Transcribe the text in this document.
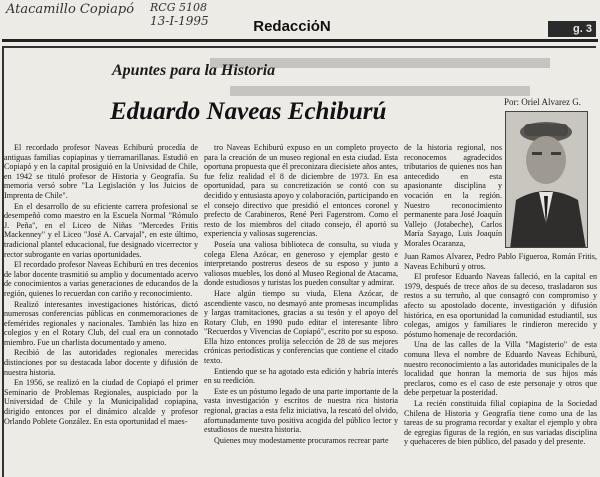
Atacamillo Copiapó RCG 5108
13-I-1995	RedacciόN	g. 3
Apuntes para la Historia
Eduardo Naveas Echiburú	Por: Oriel Alvarez G.

El recordado profesor Naveas Echiburú procedía de antiguas familias copiapinas y tierramarillanas. Estudió en Copiapó y en la capital prosiguió en la Univsidad de Chile, en 1942 se tituló profesor de Historia y Geografía. Su memoria versó sobre "La Legislación y los Juicios de Imprenta de Chile".

En el desarrollo de su eficiente carrera profesional se desempeñó como maestro en la Escuela Normal "Rómulo J. Peña", en el Liceo de Niñas "Mercedes Fritis Mackenney" y el Liceo "José A. Carvajal", en este último, tradicional plantel educacional, fue designado vicerrector y rector subrogante en varias oportunidades.

El recordado profesor Naveas Echiburú en tres decenios de labor docente trasmitió su amplio y documentado acervo de conocimientos a varias generaciones de educandos de la región, quienes lo recuerdan con cariño y reconocimiento.

Realizó interesantes investigaciones históricas, dictó numerosas conferencias públicas en conmemoraciones de efemérides regionales y nacionales. También las hizo en colegios y en el Rotary Club, del cual era un connotado miembro. Fue un charlista documentado y ameno.

Recibió de las autoridades regionales merecidas distinciones por su destacada labor docente y difusión de nuestra historia.

En 1956, se realizó en la ciudad de Copiapó el primer Seminario de Problemas Regionales, auspiciado por la Universidad de Chile y la Municipalidad copiapina, dirigido entonces por el dinámico alcalde y profesor Orlando Poblete González. En esta oportunidad el maes-

tro Naveas Echiburú expuso en un completo proyecto para la creación de un museo regional en esta ciudad. Esta oportuna propuesta que él preconizara diecisiete años antes, fue feliz realidad el 8 de diciembre de 1973. En esa oportunidad, para su concretización se contó con su decidido y entusiasta apoyo y colaboración, participando en el consejo directivo que presidió el entonces coronel y prefecto de Carabineros, René Peri Fagerstrom. Como el resto de los miembros del citado consejo, él aportó su experiencia y valiosas sugerencias.

Poseía una valiosa biblioteca de consulta, su viuda y colega Elena Azócar, en generoso y ejemplar gesto e interpretando postreros deseos de su esposo y junto a valiosos muebles, los donó al Museo Regional de Atacama, donde estudiosos y turistas los pueden consultar y admirar.

Hace algún tiempo su viuda, Elena Azócar, de ascendiente vasco, no desmayó ante promesas incumplidas y largas tramitaciones, gracias a su tesón y el apoyo del Rotary Club, en 1990 pudo editar el interesante libro "Recuerdos y Vivencias de Copiapó", escrito por su esposo. Ella hizo entonces prolija selección de 28 de sus mejores crónicas periodísticas y conferencias que contiene el citado texto.

Entiendo que se ha agotado esta edición y habría interés en su reedición.

Este es un póstumo legado de una parte importante de la vasta investigación y escritos de nuestra rica historia regional, gracias a esta feliz iniciativa, la rescató del olvido, afortunadamente tuvo positiva acogida del público lector y estudiosos de nuestra historia.

Quienes muy modestamente procuramos recrear parte

de la historia regional, nos reconocemos agradecidos tributarios de quienes nos han antecedido en esta apasionante disciplina y vocación en la región. Nuestro reconocimiento permanente para José Joaquín Vallejo (Jotabeche), Carlos María Sayago, Luis Joaquín Morales Ocaranza,

Juan Ramos Alvarez, Pedro Pablo Figueroa, Román Fritis, Naveas Echiburú y otros.

El profesor Eduardo Naveas falleció, en la capital en 1979, después de trece años de su deceso, trasladaron sus restos a su terruño, al que consagró con compromiso y afecto su apostolado docente, investigación y difusión histórica, en esa oportunidad la comunidad estudiantil, sus colegas, amigos y familiares le rindieron merecido y póstumo homenaje de recordación.

Una de las calles de la Villa "Magisterio" de esta comuna lleva el nombre de Eduardo Naveas Echiburú, nuestro reconocimiento a las autoridades municipales de la localidad que honran la memoria de sus hijos más preclaros, como es el caso de este personaje y otros que debe perpetuar la posteridad.

La recién constituida filial copiapina de la Sociedad Chilena de Historia y Geografía tiene como una de las tareas de su programa recordar y exaltar el ejemplo y obra de egregias figuras de la región, en sus variadas disciplina y quehaceres de bien público, del pasado y del presente.
